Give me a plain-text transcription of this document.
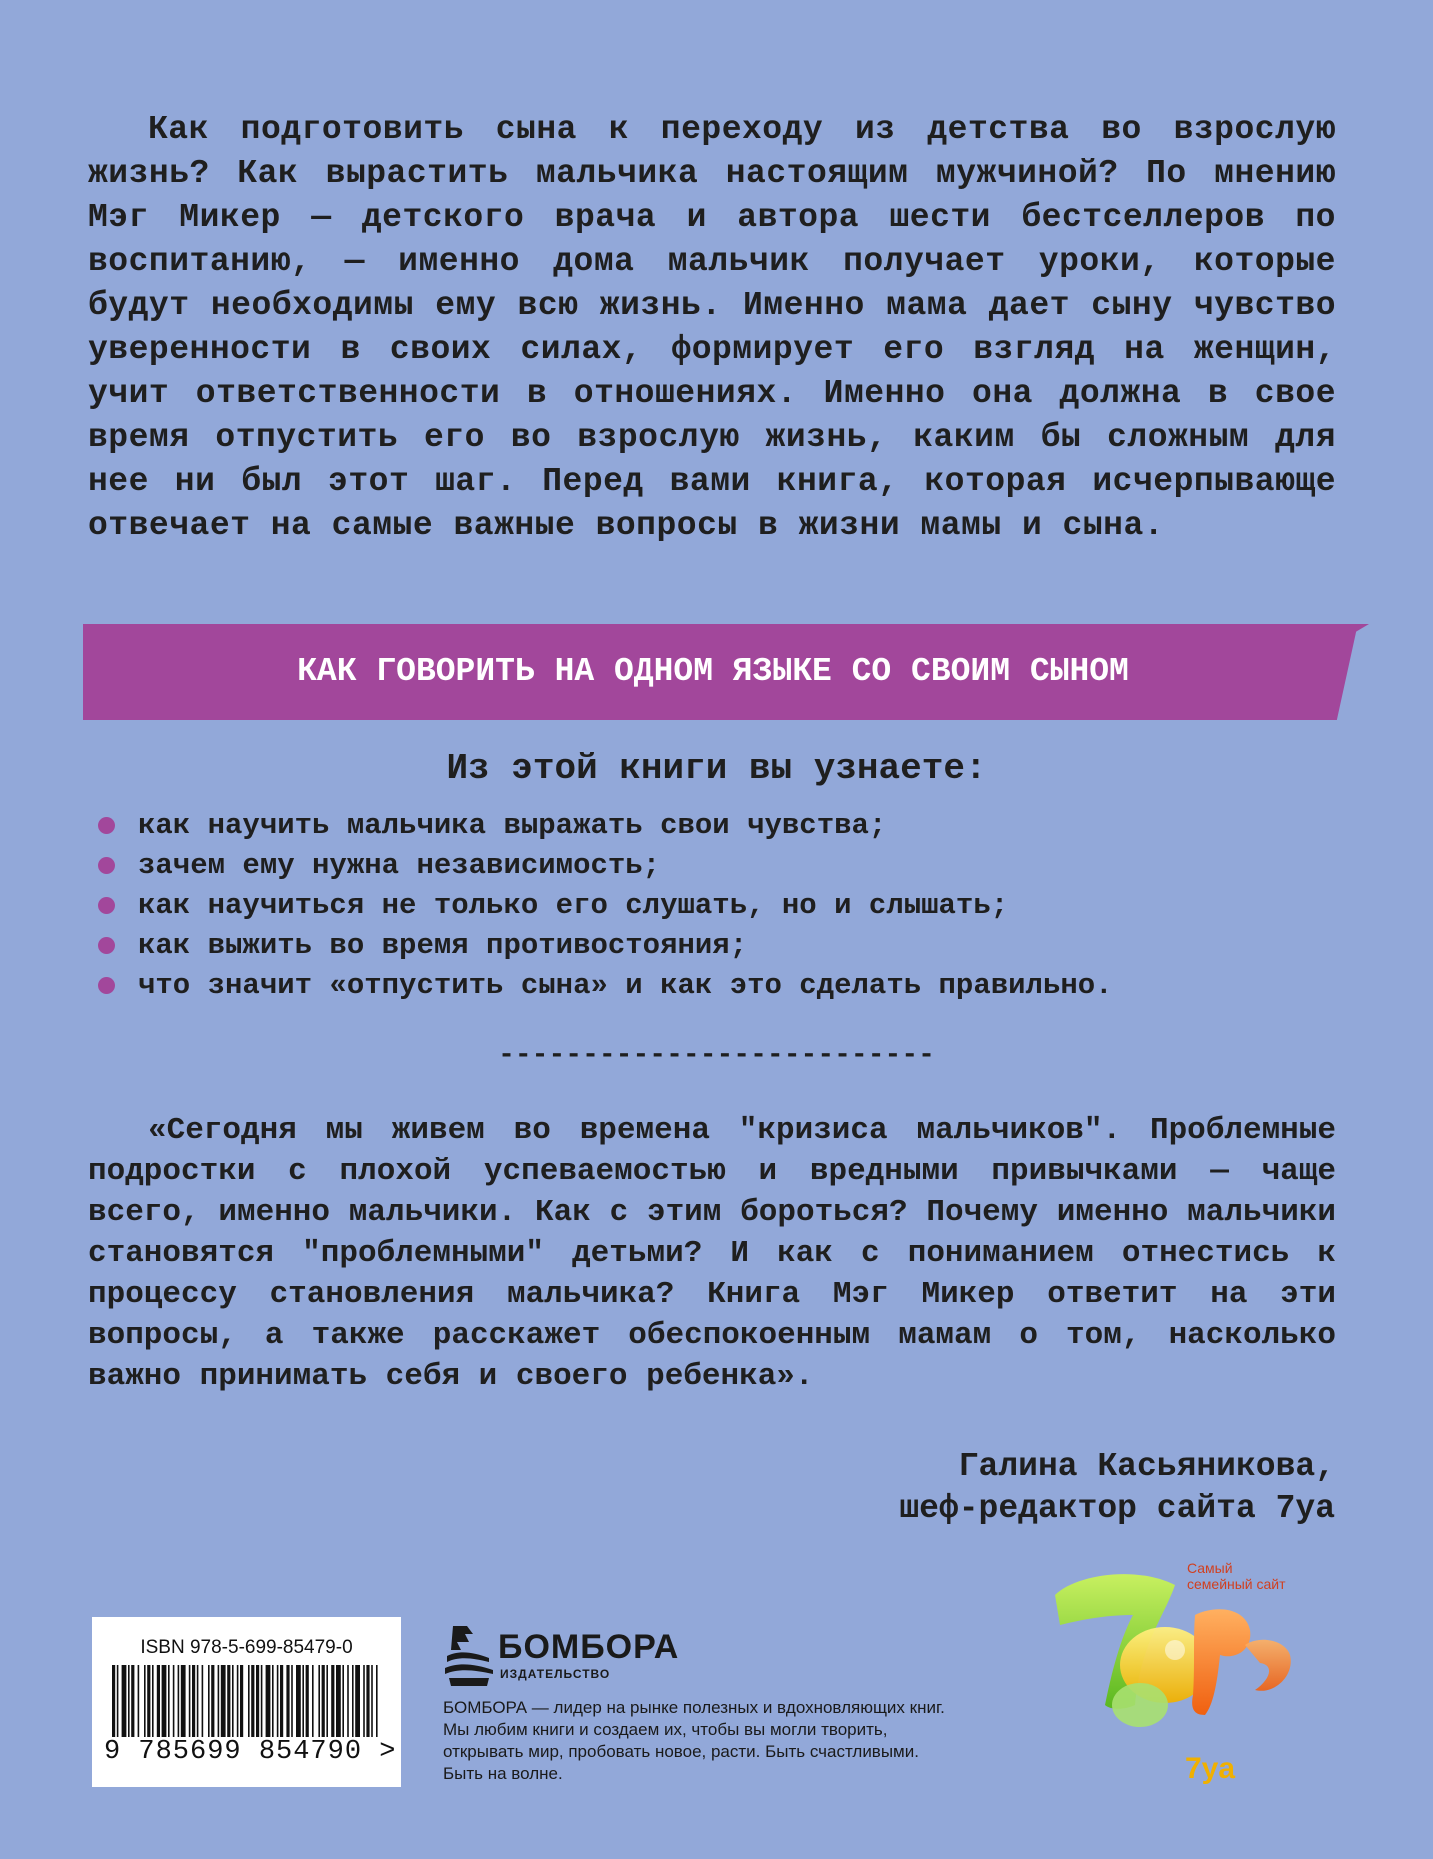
Как подготовить сына к переходу из детства во взрослую жизнь? Как вырастить мальчика настоящим мужчиной? По мнению Мэг Микер — детского врача и автора шести бестселлеров по воспитанию, — именно дома мальчик получает уроки, которые будут необходимы ему всю жизнь. Именно мама дает сыну чувство уверенности в своих силах, формирует его взгляд на женщин, учит ответственности в отношениях. Именно она должна в свое время отпустить его во взрослую жизнь, каким бы сложным для нее ни был этот шаг. Перед вами книга, которая исчерпывающе отвечает на самые важные вопросы в жизни мамы и сына.

КАК ГОВОРИТЬ НА ОДНОМ ЯЗЫКЕ СО СВОИМ СЫНОМ
Из этой книги вы узнаете:
как научить мальчика выражать свои чувства;
зачем ему нужна независимость;
как научиться не только его слушать, но и слышать;
как выжить во время противостояния;
что значит «отпустить сына» и как это сделать правильно.
--------------------------

«Сегодня мы живем во времена "кризиса мальчиков". Проблемные подростки с плохой успеваемостью и вредными привычками — чаще всего, именно мальчики. Как с этим бороться? Почему именно мальчики становятся "проблемными" детьми? И как с пониманием отнестись к процессу становления мальчика? Книга Мэг Микер ответит на эти вопросы, а также расскажет обеспокоенным мамам о том, насколько важно принимать себя и своего ребенка».

Галина Касьяникова,
шеф-редактор сайта 7ya
ISBN 978-5-699-85479-0
9 785699 854790 >
БОМБОРА
ИЗДАТЕЛЬСТВО

БОМБОРА — лидер на рынке полезных и вдохновляющих книг. Мы любим книги и создаем их, чтобы вы могли творить, открывать мир, пробовать новое, расти. Быть счастливыми. Быть на волне.

Самый
семейный сайт
7ya
